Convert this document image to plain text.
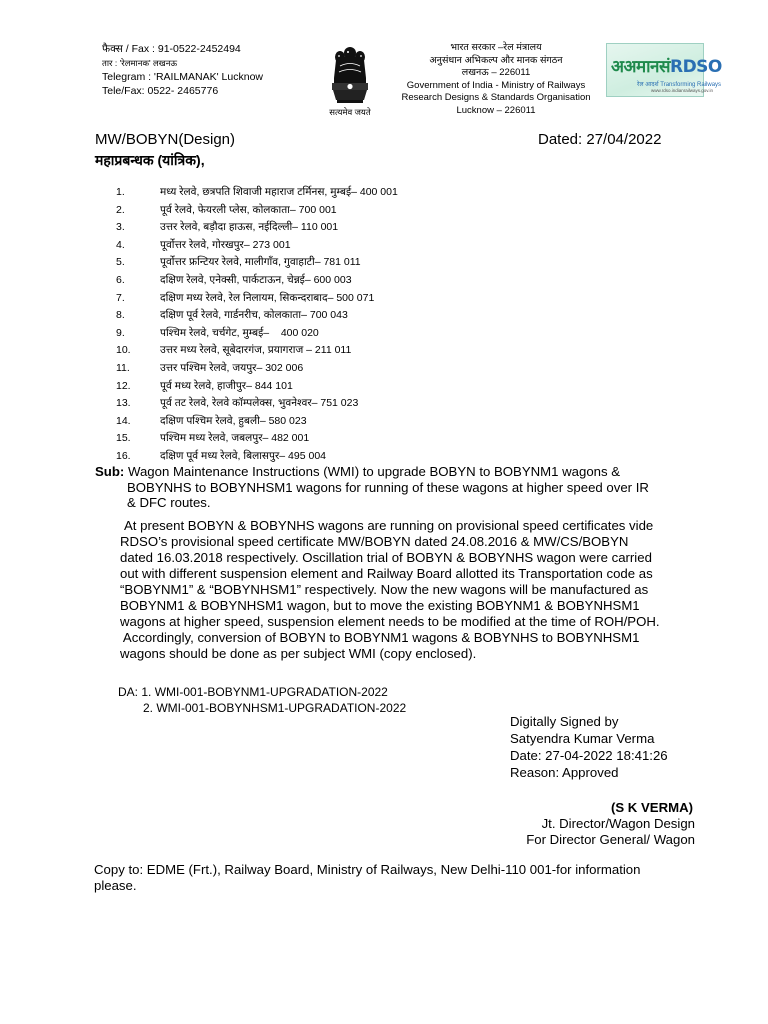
फैक्स / Fax : 91-0522-2452494
तार : 'रेलमानक' लखनऊ
Telegram : 'RAILMANAK' Lucknow
Tele/Fax: 0522- 2465776
सत्यमेव जयते
भारत सरकार –रेल मंत्रालय
अनुसंधान अभिकल्प और मानक संगठन
लखनऊ – 226011
Government of India - Ministry of Railways
Research Designs & Standards Organisation
Lucknow – 226011
अअमानसंRDSO
रेल आदर्श Transforming Railways
www.rdso.indianrailways.gov.in
MW/BOBYN(Design)	Dated: 27/04/2022
महाप्रबन्धक (यांत्रिक),
1.	मध्य रेलवे, छत्रपति शिवाजी महाराज टर्मिनस, मुम्बई– 400 001
2.	पूर्व रेलवे, फेयरली प्लेस, कोलकाता– 700 001
3.	उत्तर रेलवे, बड़ौदा हाऊस, नईदिल्ली– 110 001
4.	पूर्वोत्तर रेलवे, गोरखपुर– 273 001
5.	पूर्वोत्तर फ्रन्टियर रेलवे, मालीगाँव, गुवाहाटी– 781 011
6.	दक्षिण रेलवे, एनेक्सी, पार्कटाऊन, चेन्नई– 600 003
7.	दक्षिण मध्य रेलवे, रेल निलायम, सिकन्दराबाद– 500 071
8.	दक्षिण पूर्व रेलवे, गार्डनरीच, कोलकाता– 700 043
9.	पश्चिम रेलवे, चर्चगेट, मुम्बई–    400 020
10.	उत्तर मध्य रेलवे, सूबेदारगंज, प्रयागराज – 211 011
11.	उत्तर पश्चिम रेलवे, जयपुर– 302 006
12.	पूर्व मध्य रेलवे, हाजीपुर– 844 101
13.	पूर्व तट रेलवे, रेलवे कॉम्पलेक्स, भुवनेश्वर– 751 023
14.	दक्षिण पश्चिम रेलवे, हुबली– 580 023
15.	पश्चिम मध्य रेलवे, जबलपुर– 482 001
16.	दक्षिण पूर्व मध्य रेलवे, बिलासपुर– 495 004
Sub: Wagon Maintenance Instructions (WMI) to upgrade BOBYN to BOBYNM1 wagons &
BOBYNHS to BOBYNHSM1 wagons for running of these wagons at higher speed over IR
& DFC routes.
At present BOBYN & BOBYNHS wagons are running on provisional speed certificates vide
RDSO’s provisional speed certificate MW/BOBYN dated 24.08.2016 & MW/CS/BOBYN
dated 16.03.2018 respectively. Oscillation trial of BOBYN & BOBYNHS wagon were carried
out with different suspension element and Railway Board allotted its Transportation code as
“BOBYNM1” & “BOBYNHSM1” respectively. Now the new wagons will be manufactured as
BOBYNM1 & BOBYNHSM1 wagon, but to move the existing BOBYNM1 & BOBYNHSM1
wagons at higher speed, suspension element needs to be modified at the time of ROH/POH.
Accordingly, conversion of BOBYN to BOBYNM1 wagons & BOBYNHS to BOBYNHSM1
wagons should be done as per subject WMI (copy enclosed).
DA: 1. WMI-001-BOBYNM1-UPGRADATION-2022
2. WMI-001-BOBYNHSM1-UPGRADATION-2022
Digitally Signed by
Satyendra Kumar Verma
Date: 27-04-2022 18:41:26
Reason: Approved
(S K VERMA)
Jt. Director/Wagon Design
For Director General/ Wagon
Copy to: EDME (Frt.), Railway Board, Ministry of Railways, New Delhi-110 001-for information
please.
